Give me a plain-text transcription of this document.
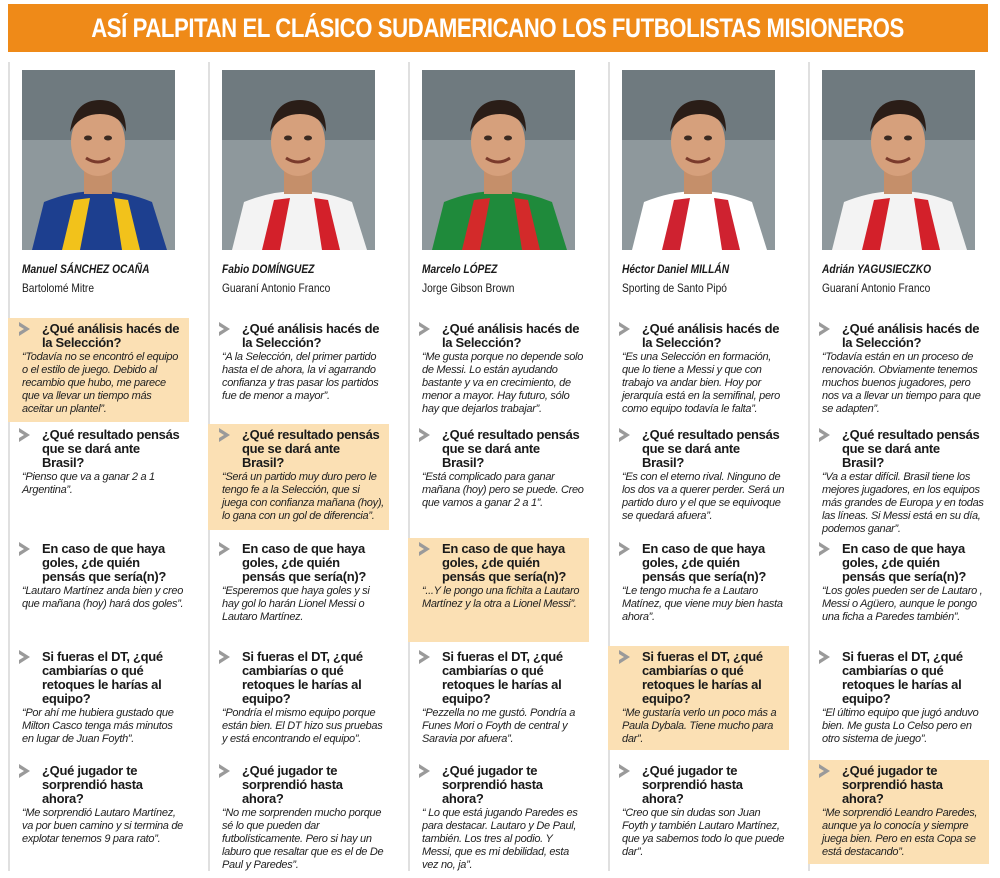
ASÍ PALPITAN EL CLÁSICO SUDAMERICANO LOS FUTBOLISTAS MISIONEROS
Manuel SÁNCHEZ OCAÑA
Bartolomé Mitre
¿Qué análisis hacés de la Selección?
“Todavía no se encontró el equipo o el estilo de juego. Debido al recambio que hubo, me parece que va llevar un tiempo más aceitar un plantel”.
¿Qué resultado pensás que se dará ante Brasil?
“Pienso que va a ganar 2 a 1 Argentina”.
En caso de que haya goles, ¿de quién pensás que sería(n)?
“Lautaro Martínez anda bien y creo que mañana (hoy) hará dos goles”.
Si fueras el DT, ¿qué cambiarías o qué retoques le harías al equipo?
“Por ahí me hubiera gustado que Milton Casco tenga más minutos en lugar de Juan Foyth”.
¿Qué jugador te sorprendió hasta ahora?
“Me sorprendió Lautaro Martínez, va por buen camino y si termina de explotar tenemos 9 para rato”.
Fabio DOMÍNGUEZ
Guaraní Antonio Franco
¿Qué análisis hacés de la Selección?
“A la Selección, del primer partido hasta el de ahora, la vi agarrando confianza y tras pasar los partidos fue de menor a mayor”.
¿Qué resultado pensás que se dará ante Brasil?
“Será un partido muy duro pero le tengo fe a la Selección, que si juega con confianza mañana (hoy), lo gana con un gol de diferencia”.
En caso de que haya goles, ¿de quién pensás que sería(n)?
“Esperemos que haya goles y si hay gol lo harán Lionel Messi o Lautaro Martínez.
Si fueras el DT, ¿qué cambiarías o qué retoques le harías al equipo?
“Pondría el mismo equipo porque están bien. El DT hizo sus pruebas y está encontrando el equipo”.
¿Qué jugador te sorprendió hasta ahora?
“No me sorprenden mucho porque sé lo que pueden dar futbolísticamente. Pero si hay un laburo que resaltar que es el de De Paul y Paredes”.
Marcelo LÓPEZ
Jorge Gibson Brown
¿Qué análisis hacés de la Selección?
“Me gusta porque no depende solo de Messi. Lo están ayudando bastante y va en crecimiento, de menor a mayor. Hay futuro, sólo hay que dejarlos trabajar”.
¿Qué resultado pensás que se dará ante Brasil?
“Está complicado para ganar mañana (hoy) pero se puede. Creo que vamos a ganar 2 a 1”.
En caso de que haya goles, ¿de quién pensás que sería(n)?
“...Y le pongo una fichita a Lautaro Martínez y la otra a Lionel Messi”.
Si fueras el DT, ¿qué cambiarías o qué retoques le harías al equipo?
“Pezzella no me gustó. Pondría a Funes Mori o Foyth de central y Saravia por afuera”.
¿Qué jugador te sorprendió hasta ahora?
“ Lo que está jugando Paredes es para destacar. Lautaro y De Paul, también. Los tres al podio. Y Messi, que es mi debilidad, esta vez no, ja”.
Héctor Daniel MILLÁN
Sporting de Santo Pipó
¿Qué análisis hacés de la Selección?
“Es una Selección en formación, que lo tiene a Messi y que con trabajo va andar bien. Hoy por jerarquía está en la semifinal, pero como equipo todavía le falta”.
¿Qué resultado pensás que se dará ante Brasil?
“Es con el eterno rival. Ninguno de los dos va a querer perder. Será un partido duro y el que se equivoque se quedará afuera”.
En caso de que haya goles, ¿de quién pensás que sería(n)?
“Le tengo mucha fe a Lautaro Matínez, que viene muy bien hasta ahora”.
Si fueras el DT, ¿qué cambiarías o qué retoques le harías al equipo?
“Me gustaría verlo un poco más a Paula Dybala. Tiene mucho para dar”.
¿Qué jugador te sorprendió hasta ahora?
“Creo que sin dudas son Juan Foyth y también Lautaro Martínez, que ya sabemos todo lo que puede dar”.
Adrián YAGUSIECZKO
Guaraní Antonio Franco
¿Qué análisis hacés de la Selección?
“Todavía están en un proceso de renovación. Obviamente tenemos muchos buenos jugadores, pero nos va a llevar un tiempo para que se adapten”.
¿Qué resultado pensás que se dará ante Brasil?
“Va a estar difícil. Brasil tiene los mejores jugadores, en los equipos más grandes de Europa y en todas las líneas. Si Messi está en su día, podemos ganar”.
En caso de que haya goles, ¿de quién pensás que sería(n)?
“Los goles pueden ser de Lautaro , Messi o Agüero, aunque le pongo una ficha a Paredes también”.
Si fueras el DT, ¿qué cambiarías o qué retoques le harías al equipo?
“El último equipo que jugó anduvo bien. Me gusta Lo Celso pero en otro sistema de juego”.
¿Qué jugador te sorprendió hasta ahora?
“Me sorprendió Leandro Paredes, aunque ya lo conocía y siempre juega bien. Pero en esta Copa se está destacando”.
